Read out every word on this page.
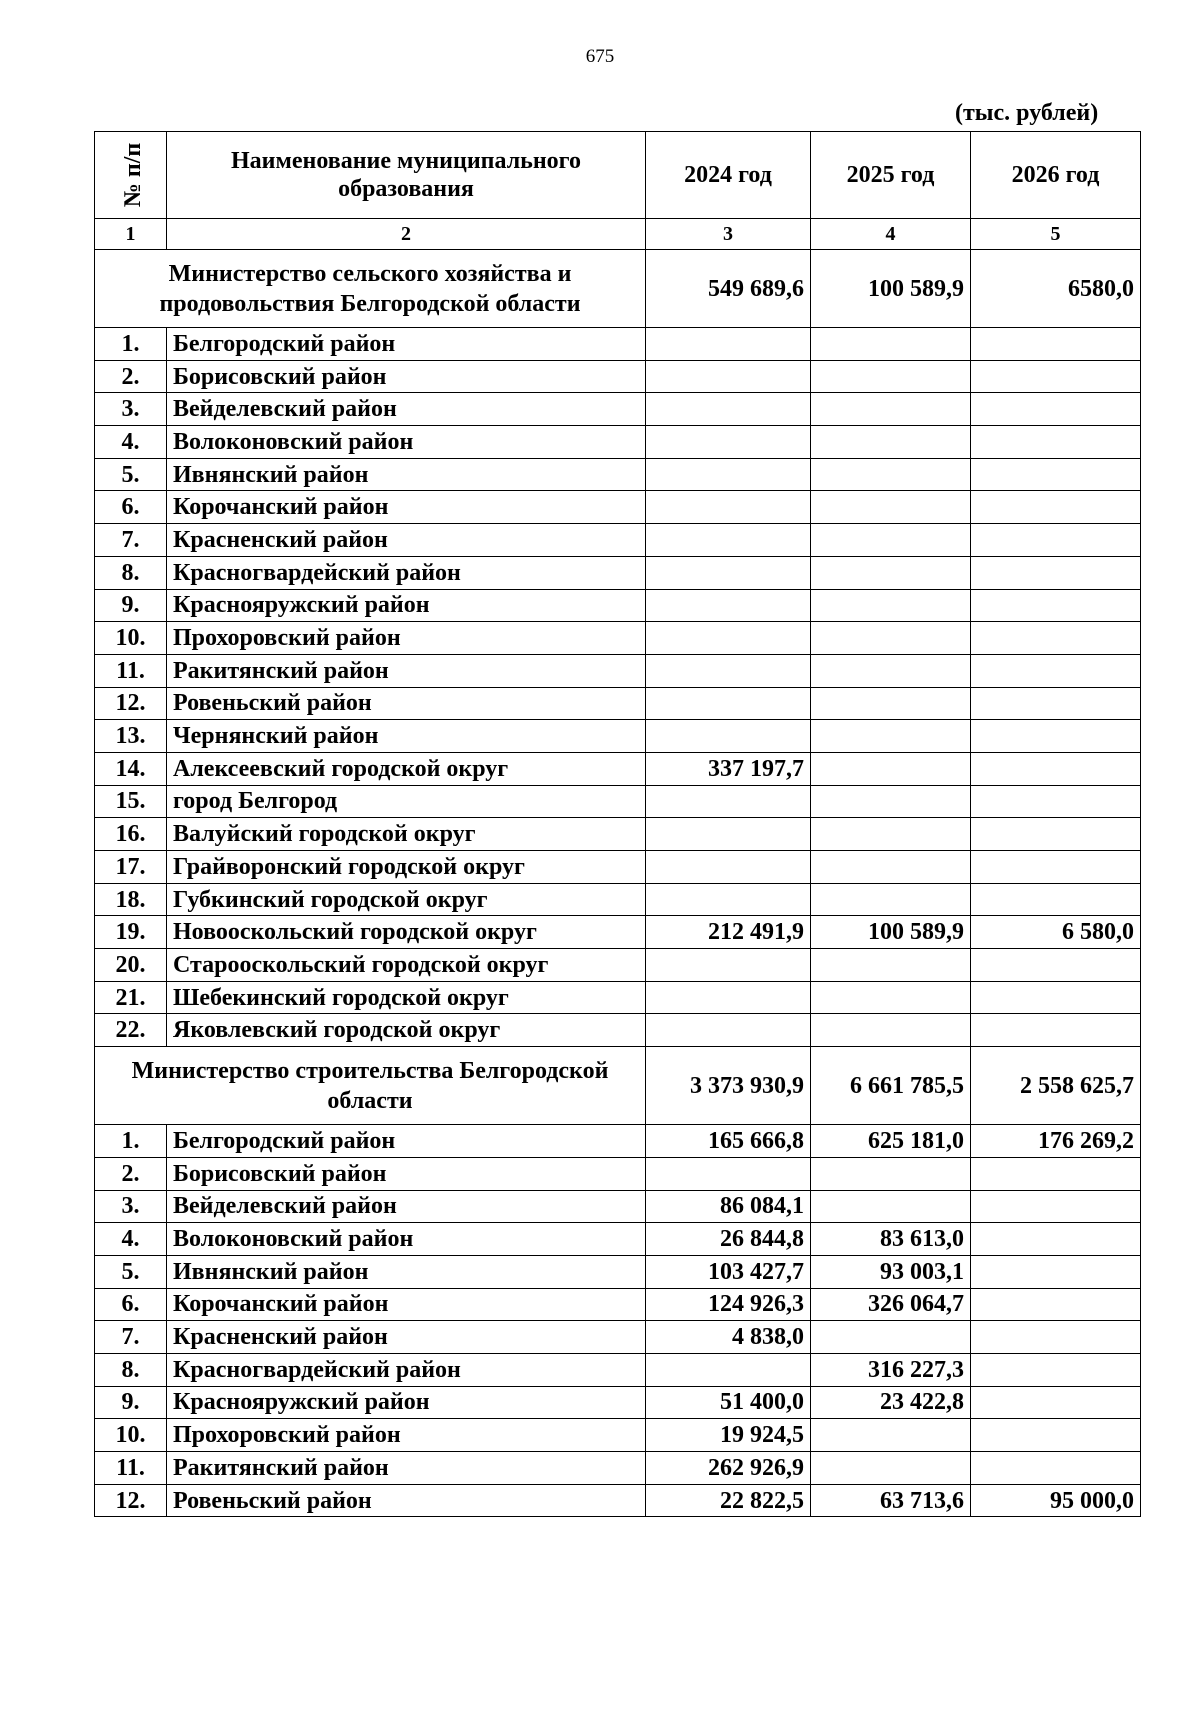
675
(тыс. рублей)
№ п/п	Наименование муниципального образования	2024 год	2025 год	2026 год
1	2	3	4	5
Министерство сельского хозяйства и продовольствия Белгородской области		549 689,6	100 589,9	6580,0
1.	Белгородский район			
2.	Борисовский район			
3.	Вейделевский район			
4.	Волоконовский район			
5.	Ивнянский район			
6.	Корочанский район			
7.	Красненский район			
8.	Красногвардейский район			
9.	Краснояружский район			
10.	Прохоровский район			
11.	Ракитянский район			
12.	Ровеньский район			
13.	Чернянский район			
14.	Алексеевский городской округ	337 197,7		
15.	город Белгород			
16.	Валуйский городской округ			
17.	Грайворонский городской округ			
18.	Губкинский городской округ			
19.	Новооскольский городской округ	212 491,9	100 589,9	6 580,0
20.	Старооскольский городской округ			
21.	Шебекинский городской округ			
22.	Яковлевский городской округ			
Министерство строительства Белгородской области		3 373 930,9	6 661 785,5	2 558 625,7
1.	Белгородский район	165 666,8	625 181,0	176 269,2
2.	Борисовский район			
3.	Вейделевский район	86 084,1		
4.	Волоконовский район	26 844,8	83 613,0	
5.	Ивнянский район	103 427,7	93 003,1	
6.	Корочанский район	124 926,3	326 064,7	
7.	Красненский район	4 838,0		
8.	Красногвардейский район		316 227,3	
9.	Краснояружский район	51 400,0	23 422,8	
10.	Прохоровский район	19 924,5		
11.	Ракитянский район	262 926,9		
12.	Ровеньский район	22 822,5	63 713,6	95 000,0
